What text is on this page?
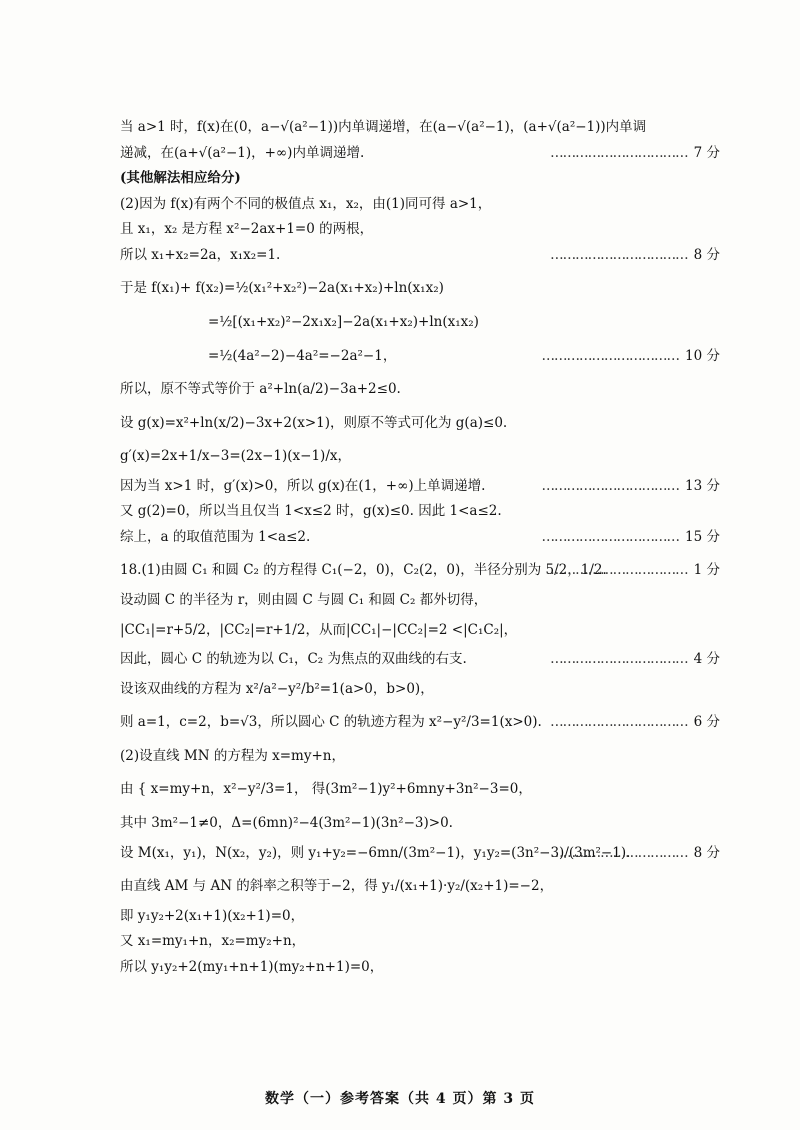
当 a>1 时，f(x)在(0，a−√(a²−1))内单调递增，在(a−√(a²−1)，(a+√(a²−1))内单调
递减，在(a+√(a²−1)，+∞)内单调递增.	…………………………… 7 分
(其他解法相应给分)
(2)因为 f(x)有两个不同的极值点 x₁，x₂，由(1)同可得 a>1，
且 x₁，x₂ 是方程 x²−2ax+1=0 的两根，
所以 x₁+x₂=2a，x₁x₂=1.	…………………………… 8 分
于是 f(x₁)+ f(x₂)=½(x₁²+x₂²)−2a(x₁+x₂)+ln(x₁x₂)
=½[(x₁+x₂)²−2x₁x₂]−2a(x₁+x₂)+ln(x₁x₂)
=½(4a²−2)−4a²=−2a²−1，	…………………………… 10 分
所以，原不等式等价于 a²+ln(a/2)−3a+2≤0.
设 g(x)=x²+ln(x/2)−3x+2(x>1)，则原不等式可化为 g(a)≤0.
g′(x)=2x+1/x−3=(2x−1)(x−1)/x，
因为当 x>1 时，g′(x)>0，所以 g(x)在(1，+∞)上单调递增.	…………………………… 13 分
又 g(2)=0，所以当且仅当 1<x≤2 时，g(x)≤0. 因此 1<a≤2.
综上，a 的取值范围为 1<a≤2.	…………………………… 15 分
18.(1)由圆 C₁ 和圆 C₂ 的方程得 C₁(−2，0)，C₂(2，0)，半径分别为 5/2，1/2.	…………………………… 1 分
设动圆 C 的半径为 r，则由圆 C 与圆 C₁ 和圆 C₂ 都外切得，
|CC₁|=r+5/2，|CC₂|=r+1/2，从而|CC₁|−|CC₂|=2 <|C₁C₂|，
因此，圆心 C 的轨迹为以 C₁，C₂ 为焦点的双曲线的右支.	…………………………… 4 分
设该双曲线的方程为 x²/a²−y²/b²=1(a>0，b>0)，
则 a=1，c=2，b=√3，所以圆心 C 的轨迹方程为 x²−y²/3=1(x>0).	…………………………… 6 分
(2)设直线 MN 的方程为 x=my+n，
由 { x=my+n，x²−y²/3=1， 得(3m²−1)y²+6mny+3n²−3=0，
其中 3m²−1≠0，Δ=(6mn)²−4(3m²−1)(3n²−3)>0.
设 M(x₁，y₁)，N(x₂，y₂)，则 y₁+y₂=−6mn/(3m²−1)，y₁y₂=(3n²−3)/(3m²−1).	…………………………… 8 分
由直线 AM 与 AN 的斜率之积等于−2，得 y₁/(x₁+1)·y₂/(x₂+1)=−2，
即 y₁y₂+2(x₁+1)(x₂+1)=0，
又 x₁=my₁+n，x₂=my₂+n，
所以 y₁y₂+2(my₁+n+1)(my₂+n+1)=0，
数学（一）参考答案（共 4 页）第 3 页
